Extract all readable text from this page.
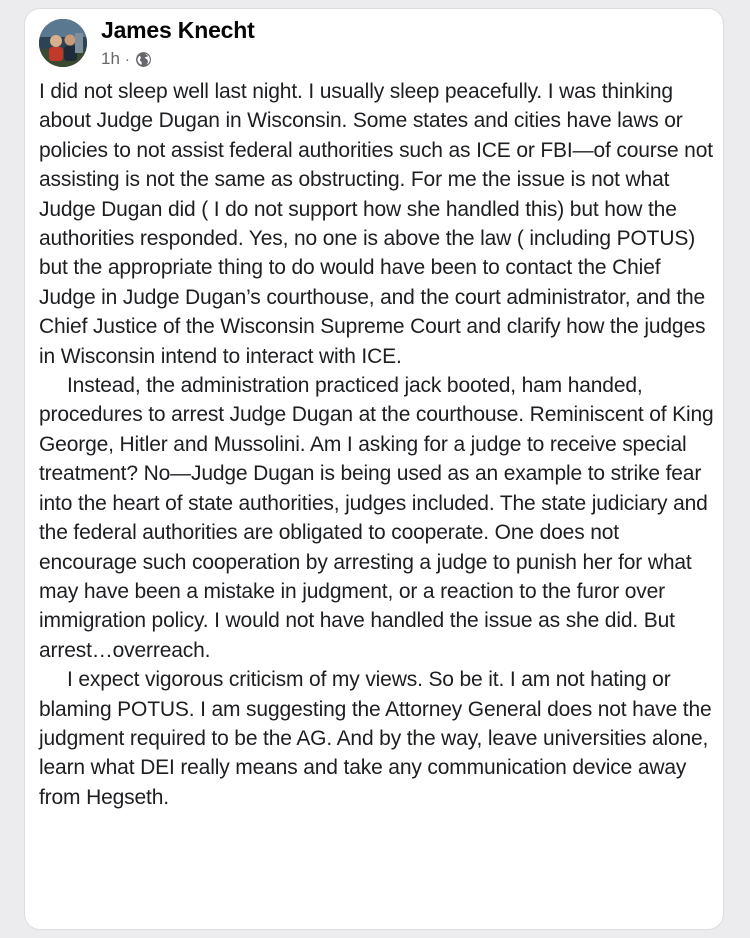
James Knecht
1h ·

I did not sleep well last night. I usually sleep peacefully. I was thinking about Judge Dugan in Wisconsin. Some states and cities have laws or policies to not assist federal authorities such as ICE or FBI—of course not assisting is not the same as obstructing. For me the issue is not what Judge Dugan did ( I do not support how she handled this) but how the authorities responded. Yes, no one is above the law ( including POTUS) but the appropriate thing to do would have been to contact the Chief Judge in Judge Dugan’s courthouse, and the court administrator, and the Chief Justice of the Wisconsin Supreme Court and clarify how the judges in Wisconsin intend to interact with ICE.

Instead, the administration practiced jack booted, ham handed, procedures to arrest Judge Dugan at the courthouse. Reminiscent of King George, Hitler and Mussolini. Am I asking for a judge to receive special treatment? No—Judge Dugan is being used as an example to strike fear into the heart of state authorities, judges included. The state judiciary and the federal authorities are obligated to cooperate. One does not encourage such cooperation by arresting a judge to punish her for what may have been a mistake in judgment, or a reaction to the furor over immigration policy. I would not have handled the issue as she did. But arrest…overreach.

I expect vigorous criticism of my views. So be it. I am not hating or blaming POTUS. I am suggesting the Attorney General does not have the judgment required to be the AG. And by the way, leave universities alone, learn what DEI really means and take any communication device away from Hegseth.
